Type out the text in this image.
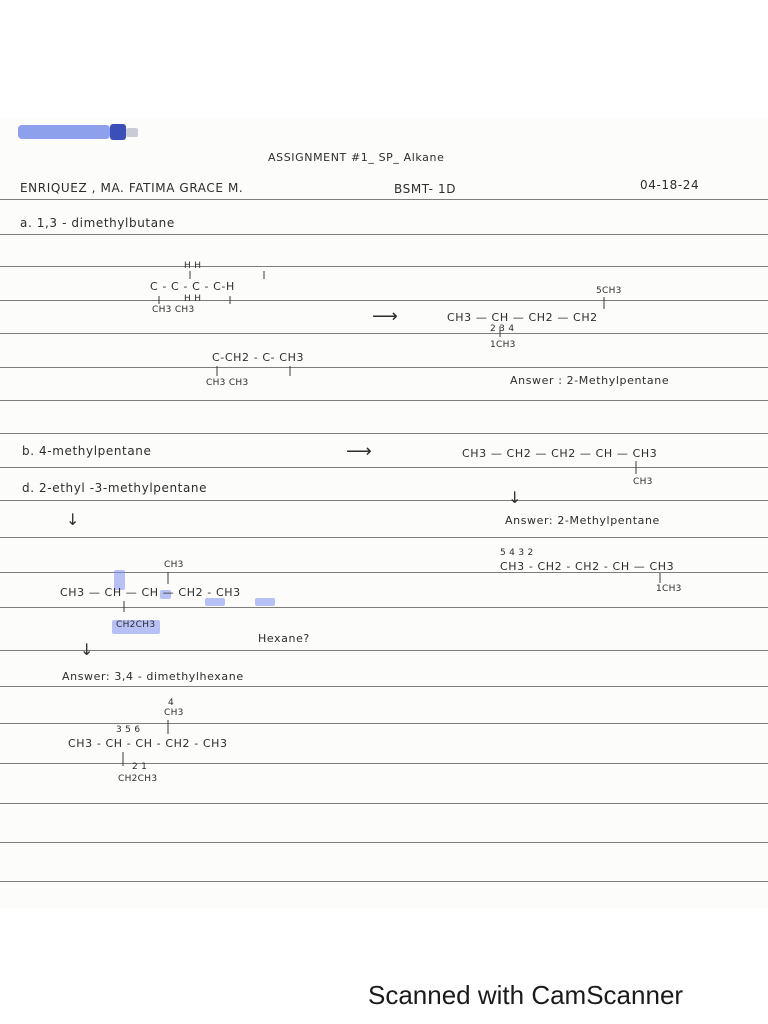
ASSIGNMENT #1_ SP_ Alkane
ENRIQUEZ , MA. FATIMA GRACE M.	BSMT- 1D	04-18-24
a. 1,3 - dimethylbutane
H H
C - C - C - C-H
H H
CH3 CH3
C-CH2 - C- CH3
CH3 CH3
⟶
5CH3
CH3 — CH — CH2 — CH2
2 3 4
1CH3
Answer : 2-Methylpentane
b. 4-methylpentane	⟶	CH3 — CH2 — CH2 — CH — CH3
CH3
↓
Answer: 2-Methylpentane
5 4 3 2
CH3 - CH2 - CH2 - CH — CH3
1CH3
d. 2-ethyl -3-methylpentane
↓
CH3
CH3 — CH — CH — CH2 - CH3
CH2CH3
Hexane?
↓
Answer: 3,4 - dimethylhexane
4
CH3
CH3 - CH - CH - CH2 - CH3
3 5 6
2 1
CH2CH3
Scanned with CamScanner
